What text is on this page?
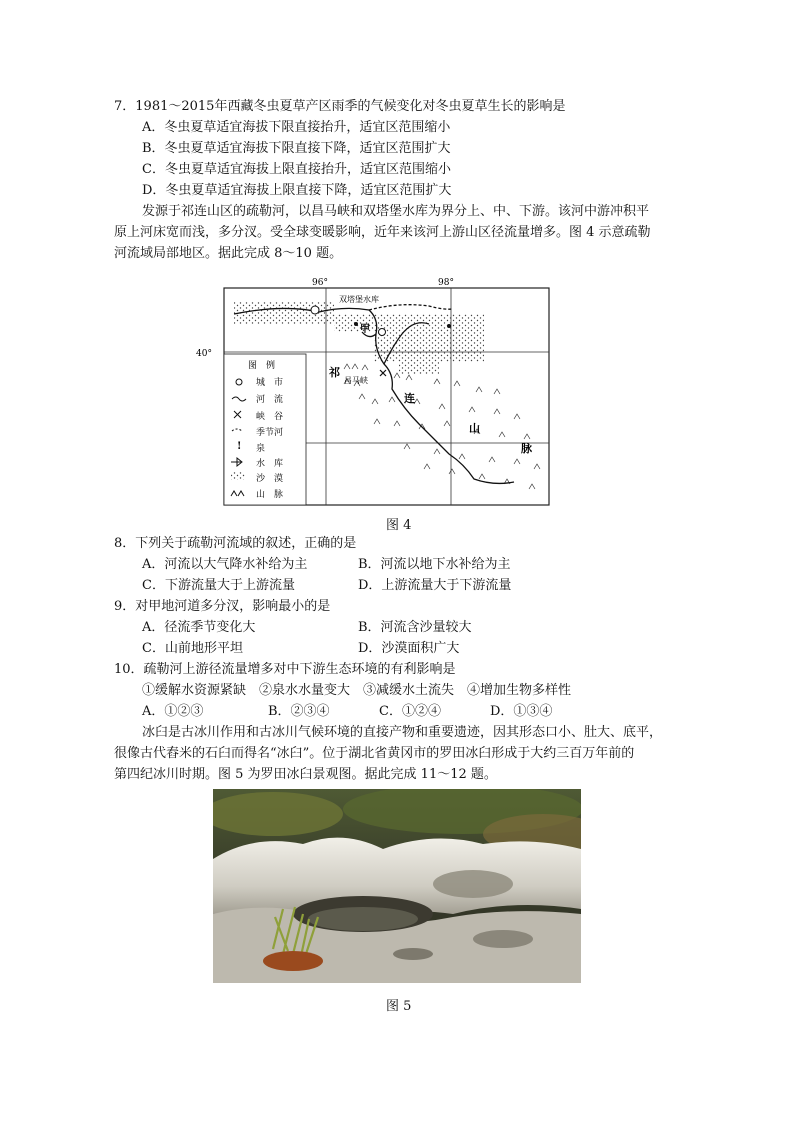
7．1981～2015年西藏冬虫夏草产区雨季的气候变化对冬虫夏草生长的影响是
A．冬虫夏草适宜海拔下限直接抬升，适宜区范围缩小
B．冬虫夏草适宜海拔下限直接下降，适宜区范围扩大
C．冬虫夏草适宜海拔上限直接抬升，适宜区范围缩小
D．冬虫夏草适宜海拔上限直接下降，适宜区范围扩大
发源于祁连山区的疏勒河，以昌马峡和双塔堡水库为界分上、中、下游。该河中游冲积平
原上河床宽而浅，多分汊。受全球变暖影响，近年来该河上游山区径流量增多。图 4 示意疏勒
河流域局部地区。据此完成 8～10 题。
96°	98°
40°
双塔堡水库
甲
昌马峡
祁
连
山
脉
图　例
!
城　市
河　流
峡　谷
季节河
泉
水　库
沙　漠
山　脉
图 4
8．下列关于疏勒河流域的叙述，正确的是
A．河流以大气降水补给为主	B．河流以地下水补给为主
C．下游流量大于上游流量	D．上游流量大于下游流量
9．对甲地河道多分汊，影响最小的是
A．径流季节变化大	B．河流含沙量较大
C．山前地形平坦	D．沙漠面积广大
10．疏勒河上游径流量增多对中下游生态环境的有利影响是
①缓解水资源紧缺　②泉水水量变大　③减缓水土流失　④增加生物多样性
A．①②③	B．②③④	C．①②④	D．①③④
冰臼是古冰川作用和古冰川气候环境的直接产物和重要遗迹，因其形态口小、肚大、底平，
很像古代舂米的石臼而得名“冰臼”。位于湖北省黄冈市的罗田冰臼形成于大约三百万年前的
第四纪冰川时期。图 5 为罗田冰臼景观图。据此完成 11～12 题。
图 5
